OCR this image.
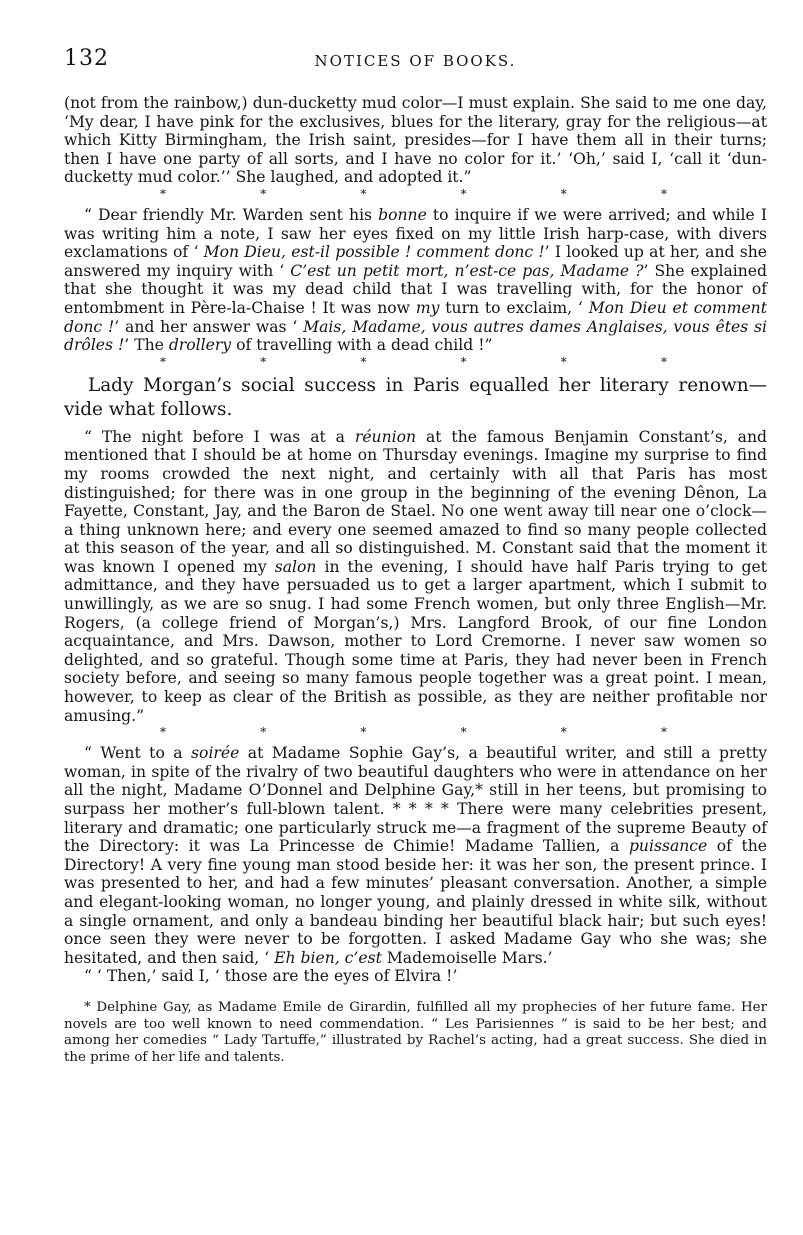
132	NOTICES OF BOOKS.

(not from the rainbow,) dun-ducketty mud color—I must explain. She said to me one day, ‘My dear, I have pink for the exclusives, blues for the literary, gray for the religious—at which Kitty Birmingham, the Irish saint, presides—for I have them all in their turns; then I have one party of all sorts, and I have no color for it.’ ‘Oh,’ said I, ‘call it ‘dun-ducketty mud color.’’ She laughed, and adopted it.”

*	*	*	*	*	*

“ Dear friendly Mr. Warden sent his bonne to inquire if we were arrived; and while I was writing him a note, I saw her eyes fixed on my little Irish harp-case, with divers exclamations of ‘ Mon Dieu, est-il possible ! comment donc !’ I looked up at her, and she answered my inquiry with ‘ C’est un petit mort, n’est-ce pas, Madame ?’ She explained that she thought it was my dead child that I was travelling with, for the honor of entombment in Père-la-Chaise ! It was now my turn to exclaim, ‘ Mon Dieu et comment donc !’ and her answer was ‘ Mais, Madame, vous autres dames Anglaises, vous êtes si drôles !’ The drollery of travelling with a dead child !”

*	*	*	*	*	*

Lady Morgan’s social success in Paris equalled her literary renown—vide what follows.

“ The night before I was at a réunion at the famous Benjamin Constant’s, and mentioned that I should be at home on Thursday evenings. Imagine my surprise to find my rooms crowded the next night, and certainly with all that Paris has most distinguished; for there was in one group in the beginning of the evening Dênon, La Fayette, Constant, Jay, and the Baron de Stael. No one went away till near one o’clock—a thing unknown here; and every one seemed amazed to find so many people collected at this season of the year, and all so distinguished. M. Constant said that the moment it was known I opened my salon in the evening, I should have half Paris trying to get admittance, and they have persuaded us to get a larger apartment, which I submit to unwillingly, as we are so snug. I had some French women, but only three English—Mr. Rogers, (a college friend of Morgan’s,) Mrs. Langford Brook, of our fine London acquaintance, and Mrs. Dawson, mother to Lord Cremorne. I never saw women so delighted, and so grateful. Though some time at Paris, they had never been in French society before, and seeing so many famous people together was a great point. I mean, however, to keep as clear of the British as possible, as they are neither profitable nor amusing.”

*	*	*	*	*	*

“ Went to a soirée at Madame Sophie Gay’s, a beautiful writer, and still a pretty woman, in spite of the rivalry of two beautiful daughters who were in attendance on her all the night, Madame O’Donnel and Delphine Gay,* still in her teens, but promising to surpass her mother’s full-blown talent. * * * * There were many celebrities present, literary and dramatic; one particularly struck me—a fragment of the supreme Beauty of the Directory: it was La Princesse de Chimie! Madame Tallien, a puissance of the Directory! A very fine young man stood beside her: it was her son, the present prince. I was presented to her, and had a few minutes’ pleasant conversation. Another, a simple and elegant-looking woman, no longer young, and plainly dressed in white silk, without a single ornament, and only a bandeau binding her beautiful black hair; but such eyes! once seen they were never to be forgotten. I asked Madame Gay who she was; she hesitated, and then said, ‘ Eh bien, c’est Mademoiselle Mars.’

“ ‘ Then,’ said I, ‘ those are the eyes of Elvira !’

* Delphine Gay, as Madame Emile de Girardin, fulfilled all my prophecies of her future fame. Her novels are too well known to need commendation. “ Les Parisiennes ” is said to be her best; and among her comedies “ Lady Tartuffe,” illustrated by Rachel’s acting, had a great success. She died in the prime of her life and talents.
